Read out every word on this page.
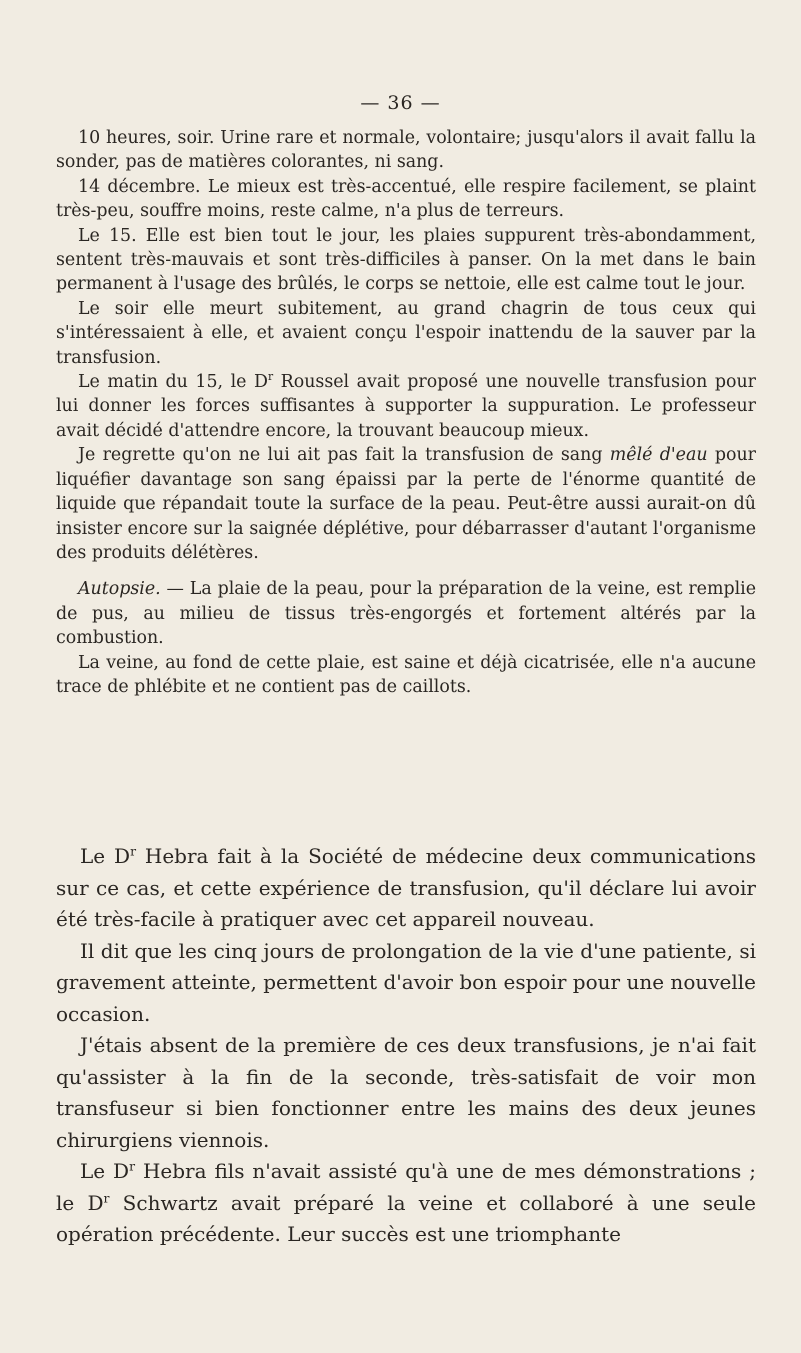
— 36 —

10 heures, soir. Urine rare et normale, volontaire; jusqu'alors il avait fallu la sonder, pas de matières colorantes, ni sang.

14 décembre. Le mieux est très-accentué, elle respire facilement, se plaint très-peu, souffre moins, reste calme, n'a plus de terreurs.

Le 15. Elle est bien tout le jour, les plaies suppurent très-abondamment, sentent très-mauvais et sont très-difficiles à panser. On la met dans le bain permanent à l'usage des brûlés, le corps se nettoie, elle est calme tout le jour.

Le soir elle meurt subitement, au grand chagrin de tous ceux qui s'intéressaient à elle, et avaient conçu l'espoir inattendu de la sauver par la transfusion.

Le matin du 15, le $D^r$ Roussel avait proposé une nouvelle transfusion pour lui donner les forces suffisantes à supporter la suppuration. Le professeur avait décidé d'attendre encore, la trouvant beaucoup mieux.

Je regrette qu'on ne lui ait pas fait la transfusion de sang mêlé d'eau pour liquéfier davantage son sang épaissi par la perte de l'énorme quantité de liquide que répandait toute la surface de la peau. Peut-être aussi aurait-on dû insister encore sur la saignée déplétive, pour débarrasser d'autant l'organisme des produits délétères.

Autopsie. — La plaie de la peau, pour la préparation de la veine, est remplie de pus, au milieu de tissus très-engorgés et fortement altérés par la combustion.

La veine, au fond de cette plaie, est saine et déjà cicatrisée, elle n'a aucune trace de phlébite et ne contient pas de caillots.

Le $D^r$ Hebra fait à la Société de médecine deux communications sur ce cas, et cette expérience de transfusion, qu'il déclare lui avoir été très-facile à pratiquer avec cet appareil nouveau.

Il dit que les cinq jours de prolongation de la vie d'une patiente, si gravement atteinte, permettent d'avoir bon espoir pour une nouvelle occasion.

J'étais absent de la première de ces deux transfusions, je n'ai fait qu'assister à la fin de la seconde, très-satisfait de voir mon transfuseur si bien fonctionner entre les mains des deux jeunes chirurgiens viennois.

Le $D^r$ Hebra fils n'avait assisté qu'à une de mes démonstrations ; le $D^r$ Schwartz avait préparé la veine et collaboré à une seule opération précédente. Leur succès est une triomphante
